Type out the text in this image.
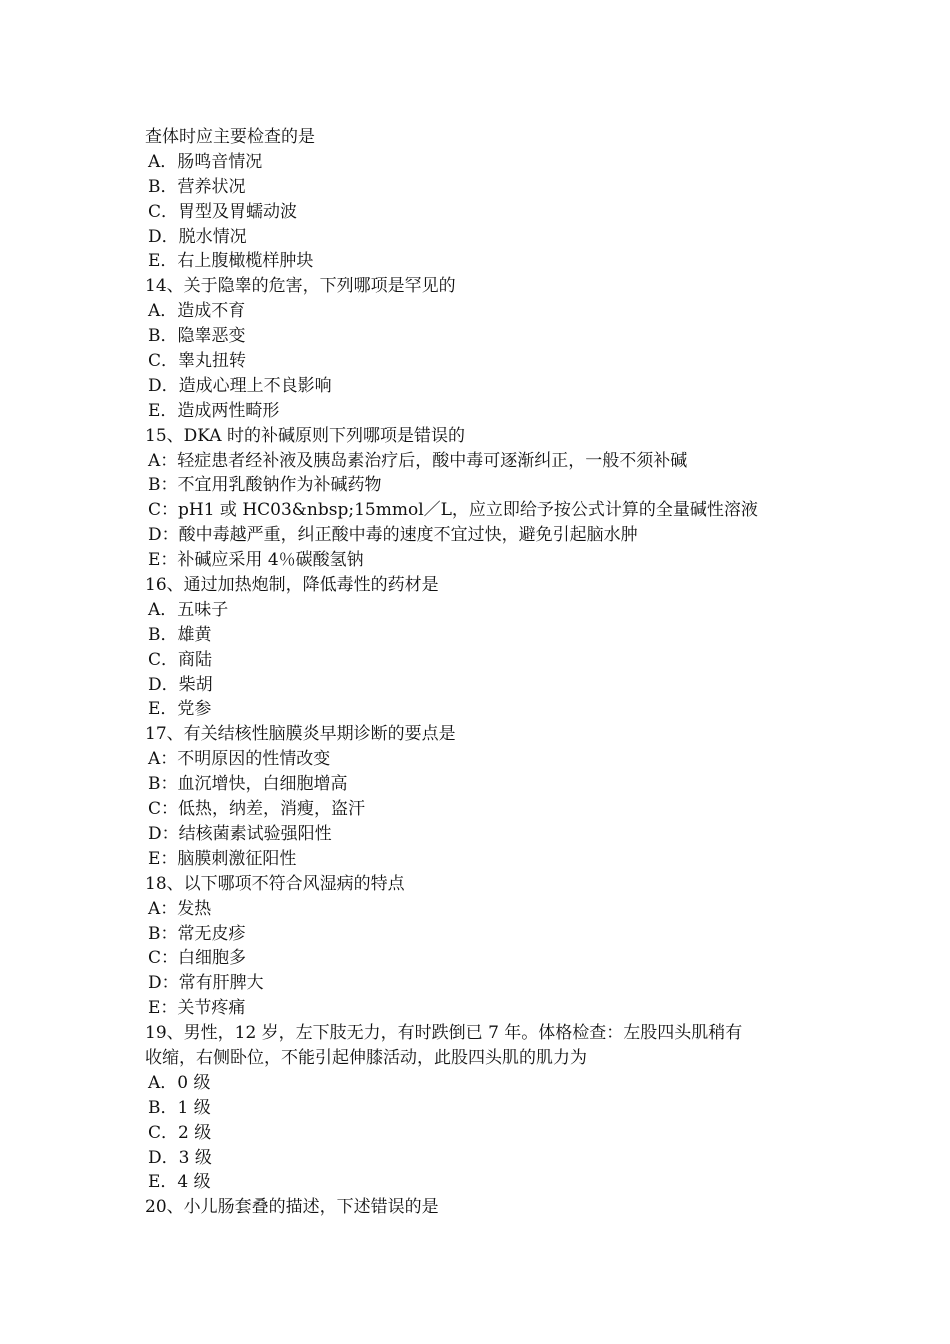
查体时应主要检查的是
A．肠鸣音情况
B．营养状况
C．胃型及胃蠕动波
D．脱水情况
E．右上腹橄榄样肿块
14、关于隐睾的危害，下列哪项是罕见的
A．造成不育
B．隐睾恶变
C．睾丸扭转
D．造成心理上不良影响
E．造成两性畸形
15、DKA 时的补碱原则下列哪项是错误的
A：轻症患者经补液及胰岛素治疗后，酸中毒可逐渐纠正，一般不须补碱
B：不宜用乳酸钠作为补碱药物
C：pH1 或 HC03&nbsp;15mmol／L，应立即给予按公式计算的全量碱性溶液
D：酸中毒越严重，纠正酸中毒的速度不宜过快，避免引起脑水肿
E：补碱应采用 4％碳酸氢钠
16、通过加热炮制，降低毒性的药材是
A．五味子
B．雄黄
C．商陆
D．柴胡
E．党参
17、有关结核性脑膜炎早期诊断的要点是
A：不明原因的性情改变
B：血沉增快，白细胞增高
C：低热，纳差，消瘦，盗汗
D：结核菌素试验强阳性
E：脑膜刺激征阳性
18、以下哪项不符合风湿病的特点
A：发热
B：常无皮疹
C：白细胞多
D：常有肝脾大
E：关节疼痛
19、男性，12 岁，左下肢无力，有时跌倒已 7 年。体格检查：左股四头肌稍有
收缩，右侧卧位，不能引起伸膝活动，此股四头肌的肌力为
A．0 级
B．1 级
C．2 级
D．3 级
E．4 级
20、小儿肠套叠的描述，下述错误的是
